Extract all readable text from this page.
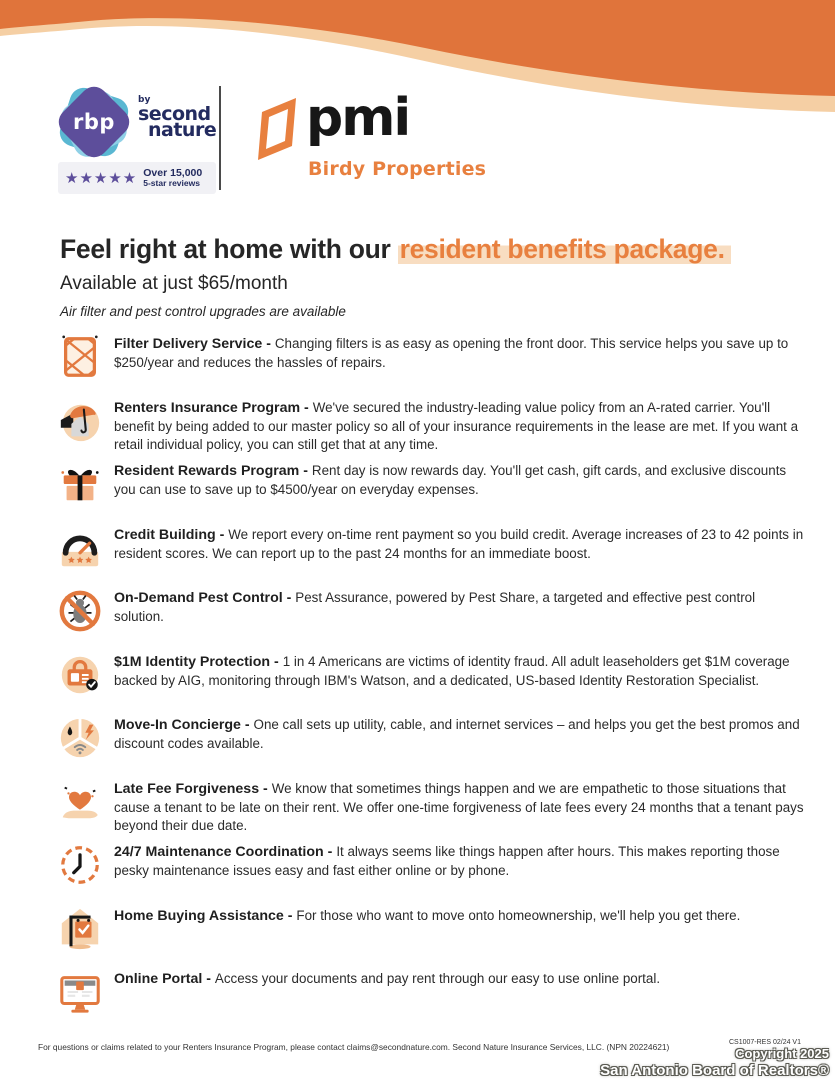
rbp
by
second
nature
★★★★★ Over 15,000
5-star reviews
pmi
Birdy Properties
Feel right at home with our resident benefits package.
Available at just $65/month
Air filter and pest control upgrades are available

Filter Delivery Service - Changing filters is as easy as opening the front door. This service helps you save up to $250/year and reduces the hassles of repairs.

Renters Insurance Program - We've secured the industry-leading value policy from an A-rated carrier. You'll benefit by being added to our master policy so all of your insurance requirements in the lease are met. If you want a retail individual policy, you can still get that at any time.

Resident Rewards Program - Rent day is now rewards day. You'll get cash, gift cards, and exclusive discounts you can use to save up to $4500/year on everyday expenses.

Credit Building - We report every on-time rent payment so you build credit. Average increases of 23 to 42 points in resident scores. We can report up to the past 24 months for an immediate boost.

On-Demand Pest Control - Pest Assurance, powered by Pest Share, a targeted and effective pest control solution.

$1M Identity Protection - 1 in 4 Americans are victims of identity fraud. All adult leaseholders get $1M coverage backed by AIG, monitoring through IBM's Watson, and a dedicated, US-based Identity Restoration Specialist.

Move-In Concierge - One call sets up utility, cable, and internet services – and helps you get the best promos and discount codes available.

Late Fee Forgiveness - We know that sometimes things happen and we are empathetic to those situations that cause a tenant to be late on their rent. We offer one-time forgiveness of late fees every 24 months that a tenant pays beyond their due date.

24/7 Maintenance Coordination - It always seems like things happen after hours. This makes reporting those pesky maintenance issues easy and fast either online or by phone.

Home Buying Assistance - For those who want to move onto homeownership, we'll help you get there.

Online Portal - Access your documents and pay rent through our easy to use online portal.

For questions or claims related to your Renters Insurance Program, please contact claims@secondnature.com. Second Nature Insurance Services, LLC. (NPN 20224621)	CS1007-RES 02/24 V1
Copyright 2025
San Antonio Board of Realtors®
